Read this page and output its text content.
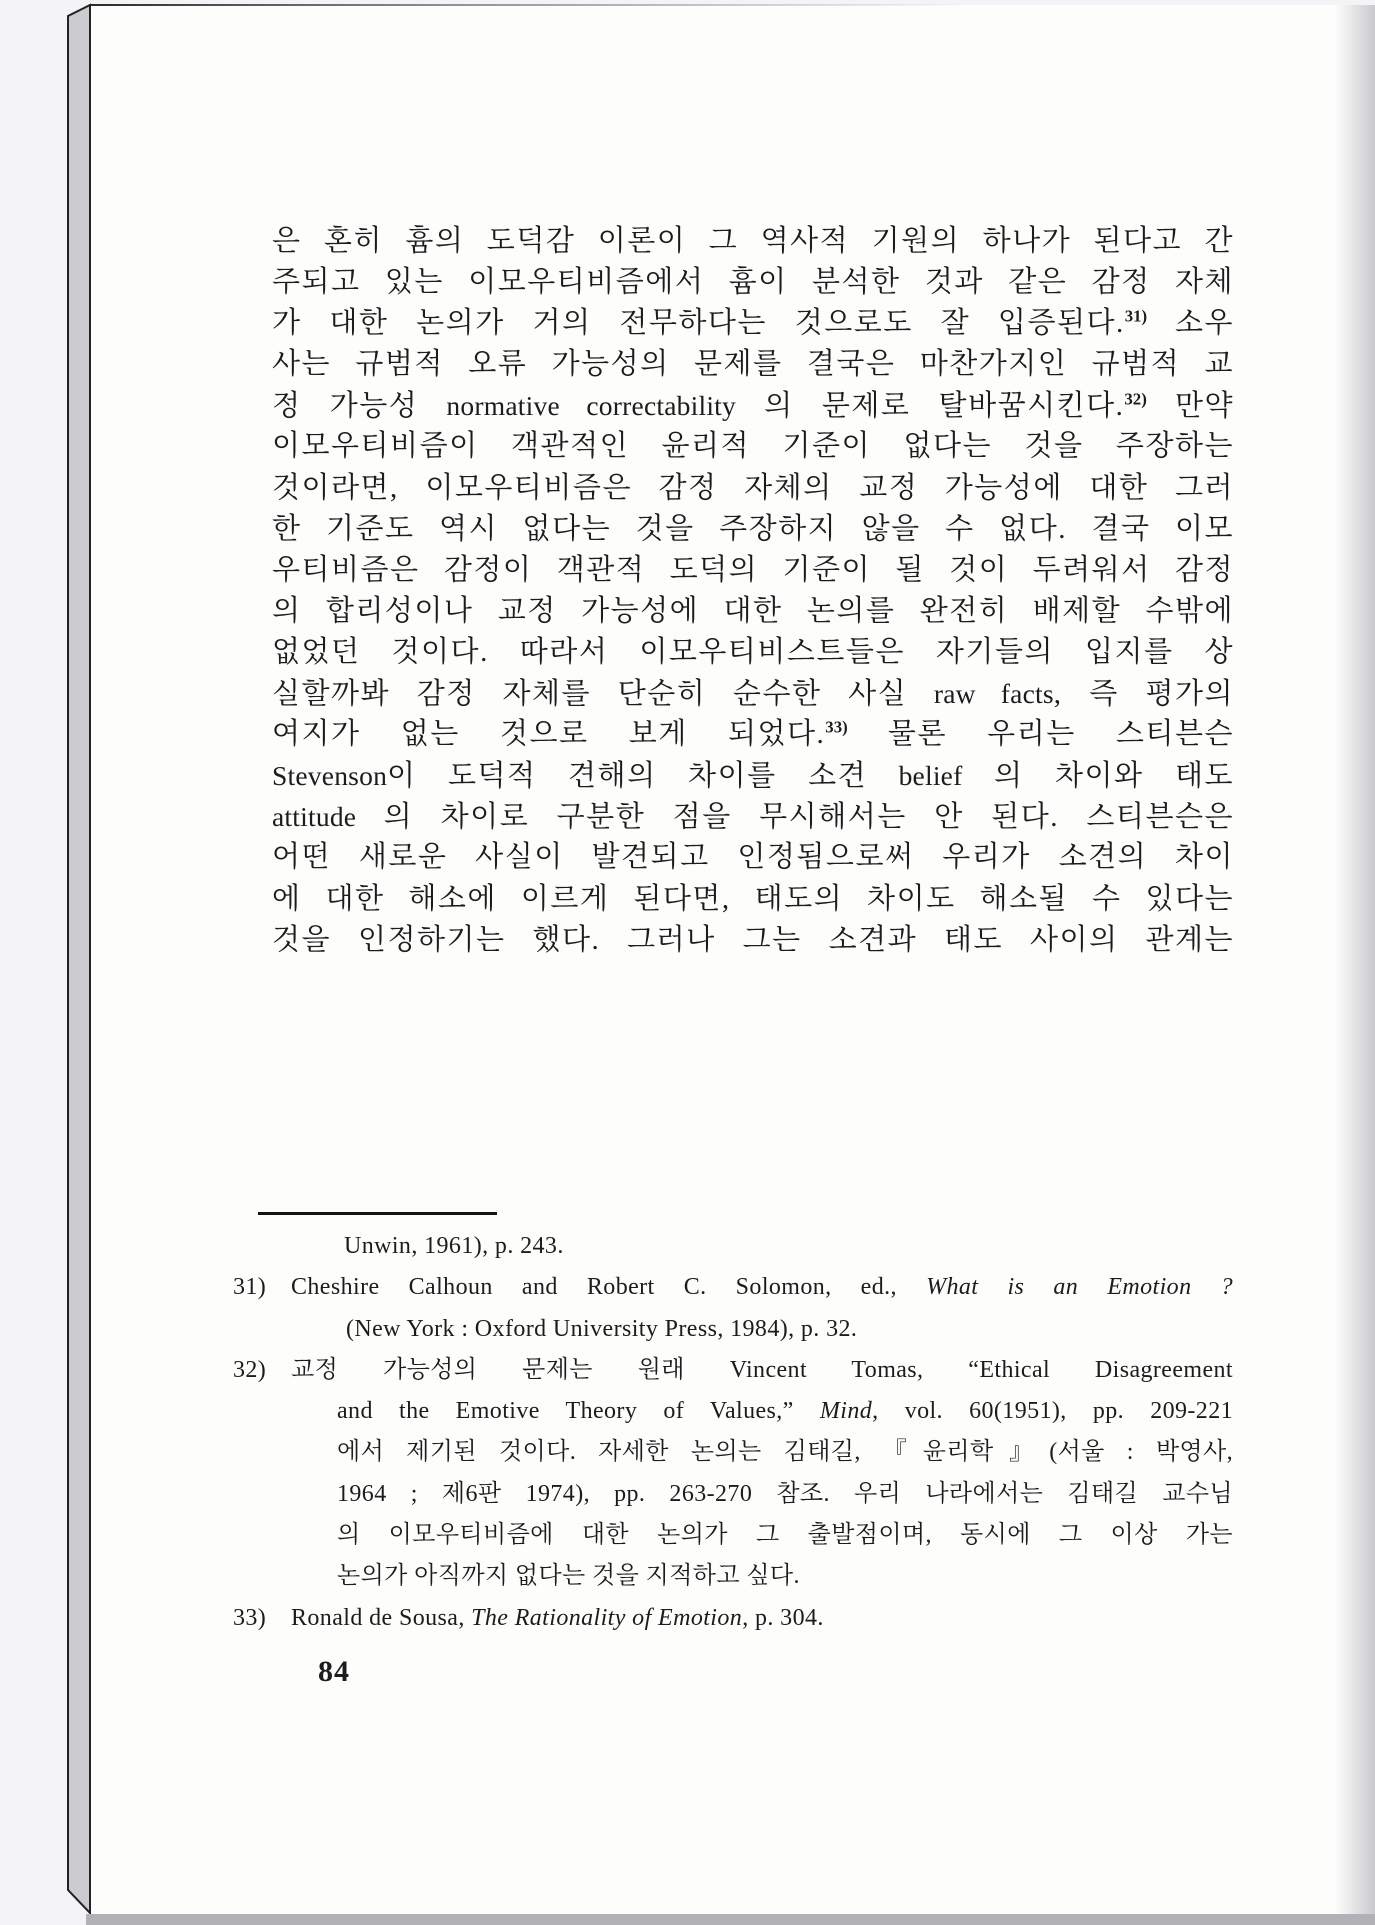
은 혼히 흄의 도덕감 이론이 그 역사적 기원의 하나가 된다고 간
주되고 있는 이모우티비즘에서 흄이 분석한 것과 같은 감정 자체
가 대한 논의가 거의 전무하다는 것으로도 잘 입증된다.$^{31)}$ 소우
사는 규범적 오류 가능성의 문제를 결국은 마찬가지인 규범적 교
정 가능성 normative correctability 의 문제로 탈바꿈시킨다.$^{32)}$ 만약
이모우티비즘이 객관적인 윤리적 기준이 없다는 것을 주장하는
것이라면, 이모우티비즘은 감정 자체의 교정 가능성에 대한 그러
한 기준도 역시 없다는 것을 주장하지 않을 수 없다. 결국 이모
우티비즘은 감정이 객관적 도덕의 기준이 될 것이 두려워서 감정
의 합리성이나 교정 가능성에 대한 논의를 완전히 배제할 수밖에
없었던 것이다. 따라서 이모우티비스트들은 자기들의 입지를 상
실할까봐 감정 자체를 단순히 순수한 사실 raw facts, 즉 평가의
여지가 없는 것으로 보게 되었다.$^{33)}$ 물론 우리는 스티븐슨
Stevenson이 도덕적 견해의 차이를 소견 belief 의 차이와 태도
attitude 의 차이로 구분한 점을 무시해서는 안 된다. 스티븐슨은
어떤 새로운 사실이 발견되고 인정됨으로써 우리가 소견의 차이
에 대한 해소에 이르게 된다면, 태도의 차이도 해소될 수 있다는
것을 인정하기는 했다. 그러나 그는 소견과 태도 사이의 관계는
Unwin, 1961), p. 243.
31) Cheshire Calhoun and Robert C. Solomon, ed., What is an Emotion ?
(New York : Oxford University Press, 1984), p. 32.
32) 교정 가능성의 문제는 원래 Vincent Tomas, “Ethical Disagreement
and the Emotive Theory of Values,” Mind, vol. 60(1951), pp. 209-221
에서 제기된 것이다. 자세한 논의는 김태길, 『윤리학』(서울 : 박영사,
1964 ; 제6판 1974), pp. 263-270 참조. 우리 나라에서는 김태길 교수님
의 이모우티비즘에 대한 논의가 그 출발점이며, 동시에 그 이상 가는
논의가 아직까지 없다는 것을 지적하고 싶다.
33) Ronald de Sousa, The Rationality of Emotion, p. 304.
84
